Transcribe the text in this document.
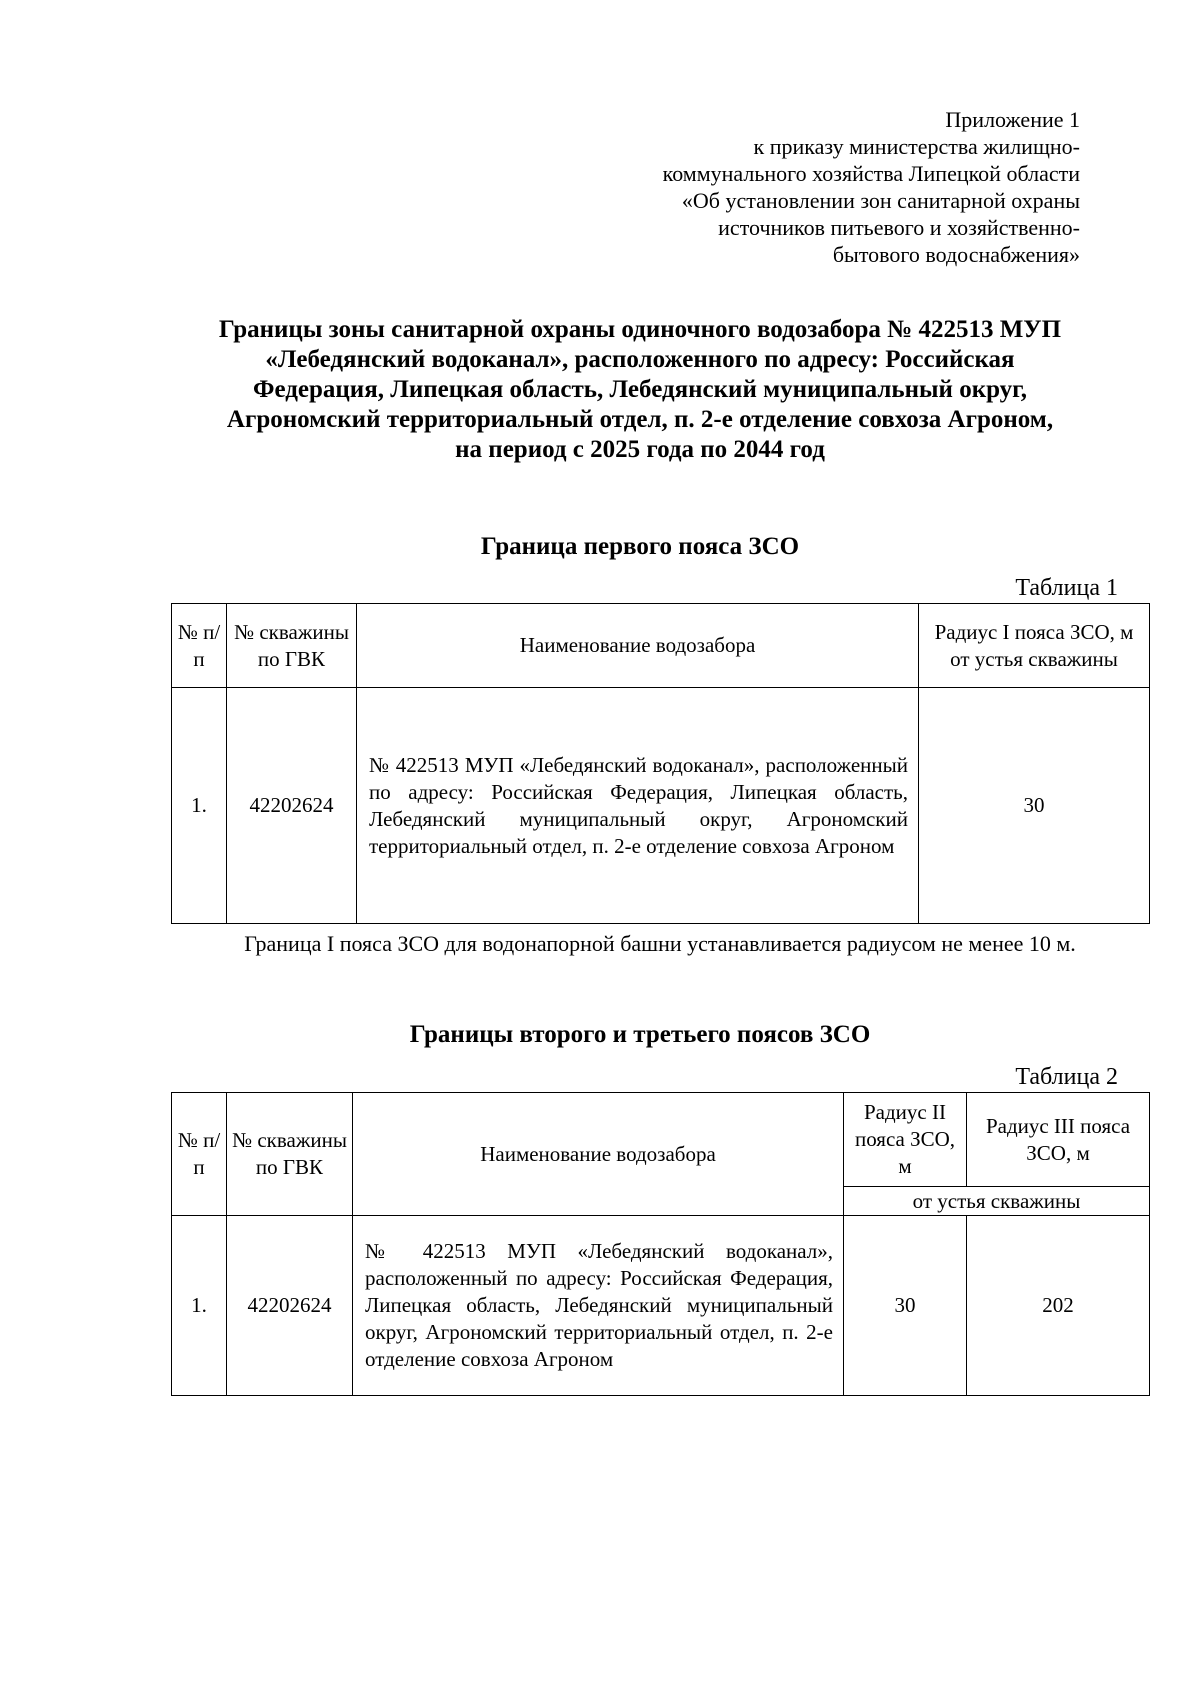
Приложение 1
к приказу министерства жилищно-
коммунального хозяйства Липецкой области
«Об установлении зон санитарной охраны
источников питьевого и хозяйственно-
бытового водоснабжения»
Границы зоны санитарной охраны одиночного водозабора № 422513 МУП
«Лебедянский водоканал», расположенного по адресу: Российская
Федерация, Липецкая область, Лебедянский муниципальный округ,
Агрономский территориальный отдел, п. 2-е отделение совхоза Агроном,
на период с 2025 года по 2044 год
Граница первого пояса ЗСО
Таблица 1
№ п/п	№ скважины по ГВК	Наименование водозабора	Радиус I пояса ЗСО, м от устья скважины
1.	42202624	№ 422513 МУП «Лебедянский водоканал», расположенный по адресу: Российская Федерация, Липецкая область, Лебедянский муниципальный округ, Агрономский территориальный отдел, п. 2-е отделение совхоза Агроном	30
Граница I пояса ЗСО для водонапорной башни устанавливается радиусом не менее 10 м.
Границы второго и третьего поясов ЗСО
Таблица 2
№ п/п	№ скважины по ГВК	Наименование водозабора	Радиус II пояса ЗСО, м	Радиус III пояса ЗСО, м
			от устья скважины	
1.	42202624	№ 422513 МУП «Лебедянский водоканал», расположенный по адресу: Российская Федерация, Липецкая область, Лебедянский муниципальный округ, Агрономский территориальный отдел, п. 2-е отделение совхоза Агроном	30	202
